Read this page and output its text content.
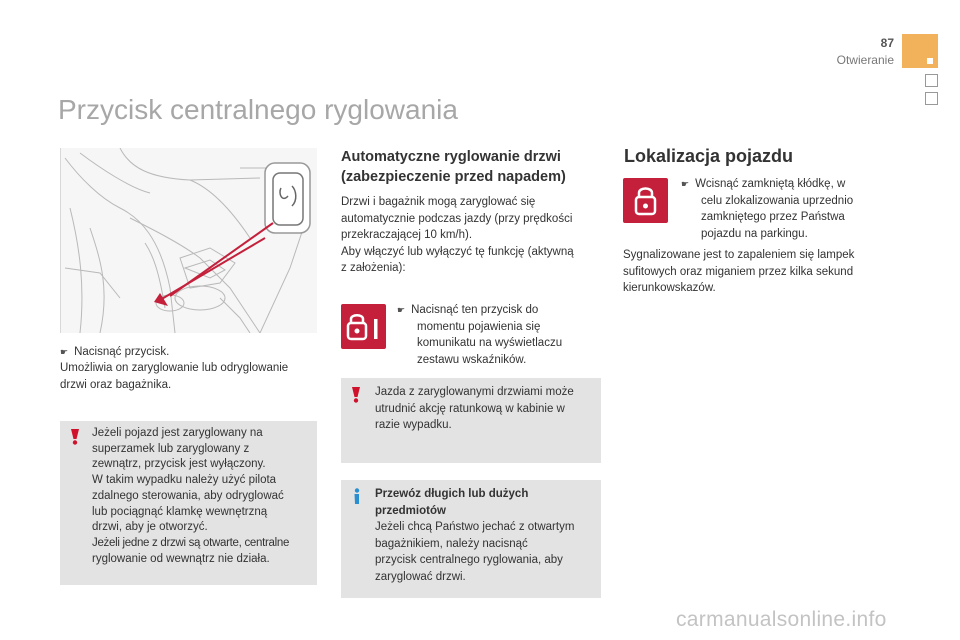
87
Otwieranie
Przycisk centralnego ryglowania
☛ Nacisnąć przycisk.
Umożliwia on zaryglowanie lub odryglowanie
drzwi oraz bagażnika.
Jeżeli pojazd jest zaryglowany na
superzamek lub zaryglowany z
zewnątrz, przycisk jest wyłączony.
W takim wypadku należy użyć pilota
zdalnego sterowania, aby odryglować
lub pociągnąć klamkę wewnętrzną
drzwi, aby je otworzyć.
Jeżeli jedne z drzwi są otwarte, centralne
ryglowanie od wewnątrz nie działa.
Automatyczne ryglowanie drzwi
(zabezpieczenie przed napadem)
Drzwi i bagażnik mogą zaryglować się
automatycznie podczas jazdy (przy prędkości
przekraczającej 10 km/h).
Aby włączyć lub wyłączyć tę funkcję (aktywną
z założenia):
☛ Nacisnąć ten przycisk do
momentu pojawienia się
komunikatu na wyświetlaczu
zestawu wskaźników.
Jazda z zaryglowanymi drzwiami może
utrudnić akcję ratunkową w kabinie w
razie wypadku.
Przewóz długich lub dużych
przedmiotów
Jeżeli chcą Państwo jechać z otwartym
bagażnikiem, należy nacisnąć
przycisk centralnego ryglowania, aby
zaryglować drzwi.
Lokalizacja pojazdu
☛ Wcisnąć zamkniętą kłódkę, w
celu zlokalizowania uprzednio
zamkniętego przez Państwa
pojazdu na parkingu.
Sygnalizowane jest to zapaleniem się lampek
sufitowych oraz miganiem przez kilka sekund
kierunkowskazów.
carmanualsonline.info
